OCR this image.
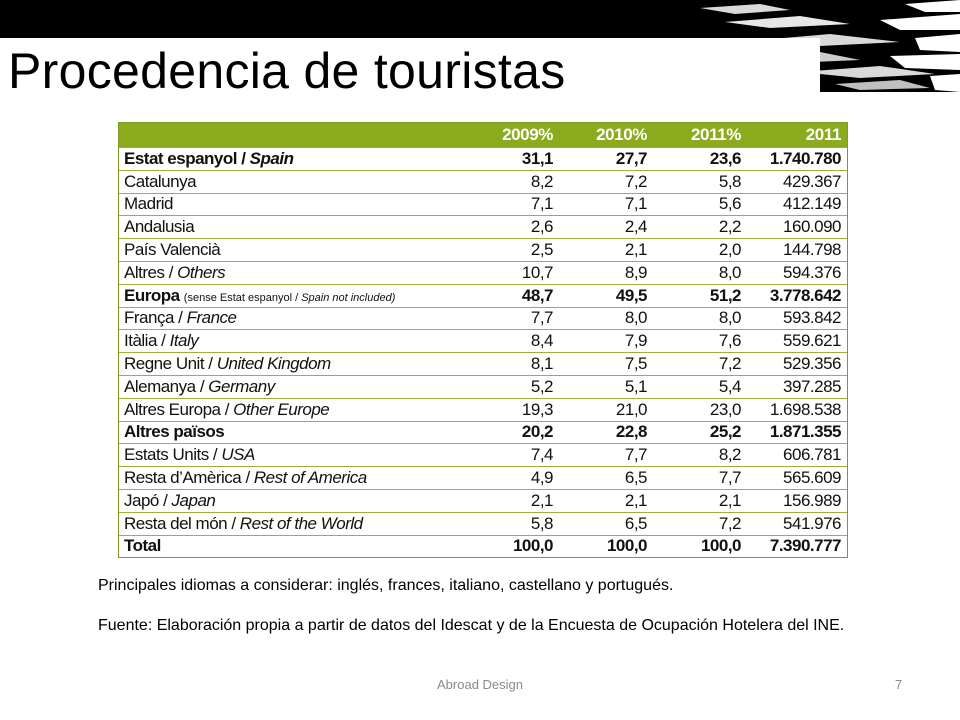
Procedencia de touristas
	2009%	2010%	2011%	2011
Estat espanyol / Spain	31,1	27,7	23,6	1.740.780
Catalunya	8,2	7,2	5,8	429.367
Madrid	7,1	7,1	5,6	412.149
Andalusia	2,6	2,4	2,2	160.090
País Valencià	2,5	2,1	2,0	144.798
Altres / Others	10,7	8,9	8,0	594.376
Europa (sense Estat espanyol / Spain not included)	48,7	49,5	51,2	3.778.642
França / France	7,7	8,0	8,0	593.842
Itàlia / Italy	8,4	7,9	7,6	559.621
Regne Unit / United Kingdom	8,1	7,5	7,2	529.356
Alemanya / Germany	5,2	5,1	5,4	397.285
Altres Europa / Other Europe	19,3	21,0	23,0	1.698.538
Altres països	20,2	22,8	25,2	1.871.355
Estats Units / USA	7,4	7,7	8,2	606.781
Resta d’Amèrica / Rest of America	4,9	6,5	7,7	565.609
Japó / Japan	2,1	2,1	2,1	156.989
Resta del món / Rest of the World	5,8	6,5	7,2	541.976
Total	100,0	100,0	100,0	7.390.777

Principales idiomas a considerar: inglés, frances, italiano, castellano y portugués.

Fuente: Elaboración propia a partir de datos del Idescat y de la Encuesta de Ocupación Hotelera del INE.

Abroad Design	7
